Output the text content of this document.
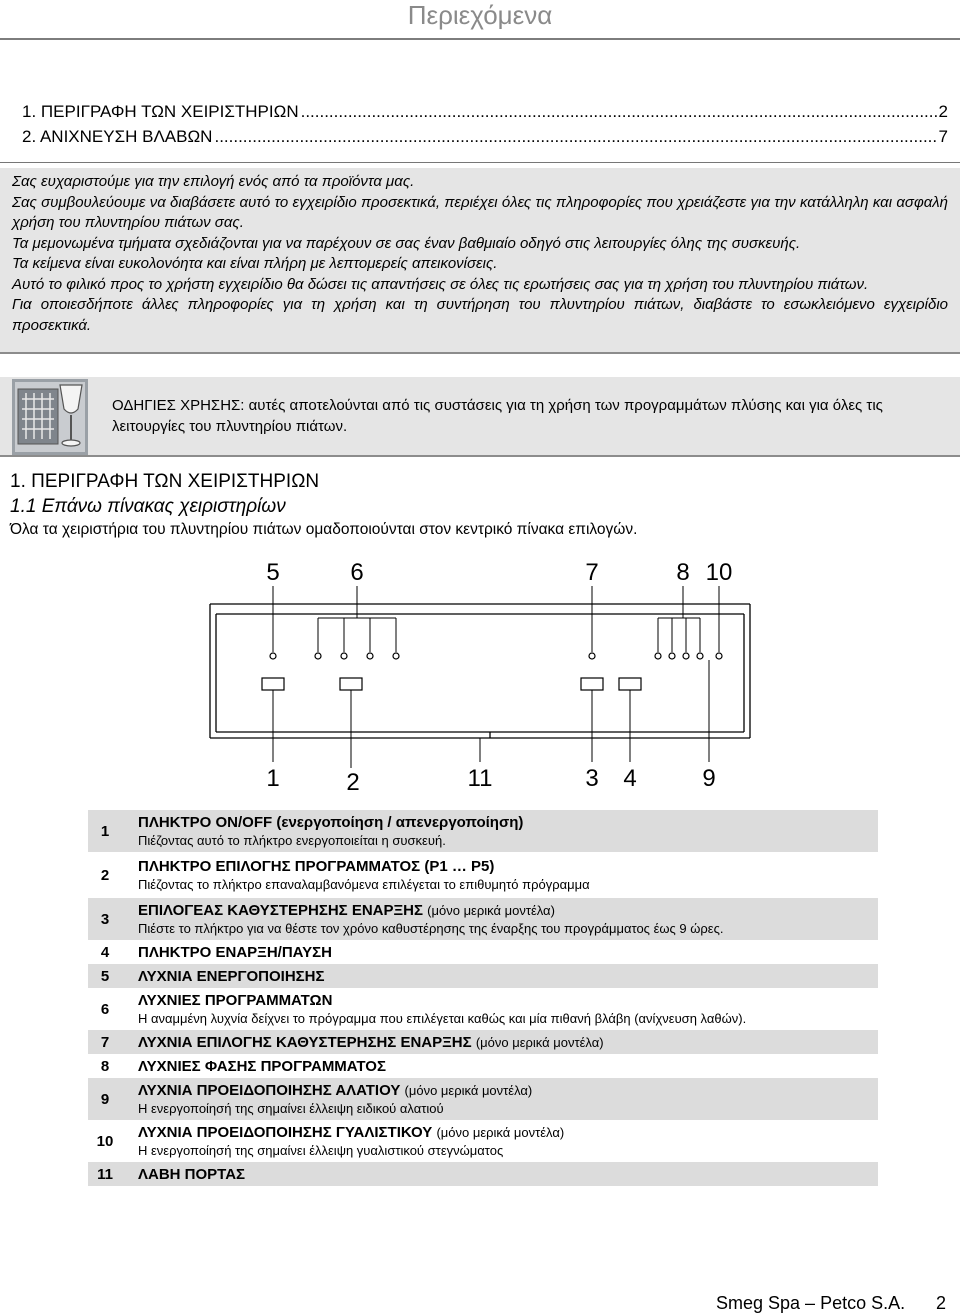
Περιεχόμενα
1. ΠΕΡΙΓΡΑΦΗ ΤΩΝ ΧΕΙΡΙΣΤΗΡΙΩΝ .....	2
2. ΑΝΙΧΝΕΥΣΗ ΒΛΑΒΩΝ .....	7

Σας ευχαριστούμε για την επιλογή ενός από τα προϊόντα μας.

Σας συμβουλεύουμε να διαβάσετε αυτό το εγχειρίδιο προσεκτικά, περιέχει όλες τις πληροφορίες που χρειάζεστε για την κατάλληλη και ασφαλή χρήση του πλυντηρίου πιάτων σας.

Τα μεμονωμένα τμήματα σχεδιάζονται για να παρέχουν σε σας έναν βαθμιαίο οδηγό στις λειτουργίες όλης της συσκευής.

Τα κείμενα είναι ευκολονόητα και είναι πλήρη με λεπτομερείς απεικονίσεις.

Αυτό το φιλικό προς το χρήστη εγχειρίδιο θα δώσει τις απαντήσεις σε όλες τις ερωτήσεις σας για τη χρήση του πλυντηρίου πιάτων.

Για οποιεσδήποτε άλλες πληροφορίες για τη χρήση και τη συντήρηση του πλυντηρίου πιάτων, διαβάστε το εσωκλειόμενο εγχειρίδιο προσεκτικά.

ΟΔΗΓΙΕΣ ΧΡΗΣΗΣ: αυτές αποτελούνται από τις συστάσεις για τη χρήση των προγραμμάτων πλύσης και για όλες τις λειτουργίες του πλυντηρίου πιάτων.
1. ΠΕΡΙΓΡΑΦΗ ΤΩΝ ΧΕΙΡΙΣΤΗΡΙΩΝ
1.1 Επάνω πίνακας χειριστηρίων
Όλα τα χειριστήρια του πλυντηρίου πιάτων ομαδοποιούνται στον κεντρικό πίνακα επιλογών.
5	6	7	8 10
1	2	11	3 4	9
1	ΠΛΗΚΤΡΟ ON/OFF (ενεργοποίηση / απενεργοποίηση)
Πιέζοντας αυτό το πλήκτρο ενεργοποιείται η συσκευή.

2	ΠΛΗΚΤΡΟ ΕΠΙΛΟΓΗΣ ΠΡΟΓΡΑΜΜΑΤΟΣ (P1 … P5)
Πιέζοντας το πλήκτρο επαναλαμβανόμενα επιλέγεται το επιθυμητό πρόγραμμα

3	ΕΠΙΛΟΓΕΑΣ ΚΑΘΥΣΤΕΡΗΣΗΣ ΕΝΑΡΞΗΣ (μόνο μερικά μοντέλα)
Πιέστε το πλήκτρο για να θέστε τον χρόνο καθυστέρησης της έναρξης του προγράμματος έως 9 ώρες.

4	ΠΛΗΚΤΡΟ ΕΝΑΡΞΗ/ΠΑΥΣΗ

5	ΛΥΧΝΙΑ ΕΝΕΡΓΟΠΟΙΗΣΗΣ

6	ΛΥΧΝΙΕΣ ΠΡΟΓΡΑΜΜΑΤΩΝ
Η αναμμένη λυχνία δείχνει το πρόγραμμα που επιλέγεται καθώς και μία πιθανή βλάβη (ανίχνευση λαθών).

7	ΛΥΧΝΙΑ ΕΠΙΛΟΓΗΣ ΚΑΘΥΣΤΕΡΗΣΗΣ ΕΝΑΡΞΗΣ (μόνο μερικά μοντέλα)

8	ΛΥΧΝΙΕΣ ΦΑΣΗΣ ΠΡΟΓΡΑΜΜΑΤΟΣ

9	ΛΥΧΝΙΑ ΠΡΟΕΙΔΟΠΟΙΗΣΗΣ ΑΛΑΤΙΟΥ (μόνο μερικά μοντέλα)
Η ενεργοποίησή της σημαίνει έλλειψη ειδικού αλατιού

10	ΛΥΧΝΙΑ ΠΡΟΕΙΔΟΠΟΙΗΣΗΣ ΓΥΑΛΙΣΤΙΚΟΥ (μόνο μερικά μοντέλα)
Η ενεργοποίησή της σημαίνει έλλειψη γυαλιστικού στεγνώματος

11	ΛΑΒΗ ΠΟΡΤΑΣ
Smeg Spa – Petco S.A. 2
